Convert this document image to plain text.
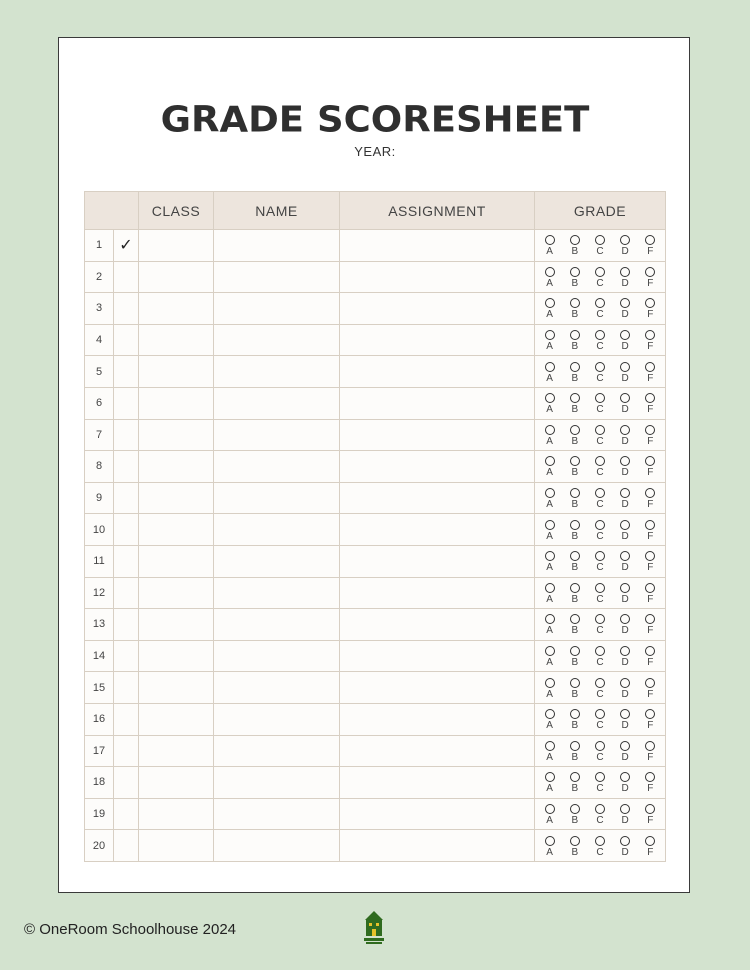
GRADE SCORESHEET
YEAR:
		CLASS	NAME	ASSIGNMENT	GRADE
1	✓				A B C D F

2					A B C D F

3					A B C D F

4					A B C D F

5					A B C D F

6					A B C D F

7					A B C D F

8					A B C D F

9					A B C D F

10					A B C D F

11					A B C D F

12					A B C D F

13					A B C D F

14					A B C D F

15					A B C D F

16					A B C D F

17					A B C D F

18					A B C D F

19					A B C D F

20					A B C D F
© OneRoom Schoolhouse 2024
